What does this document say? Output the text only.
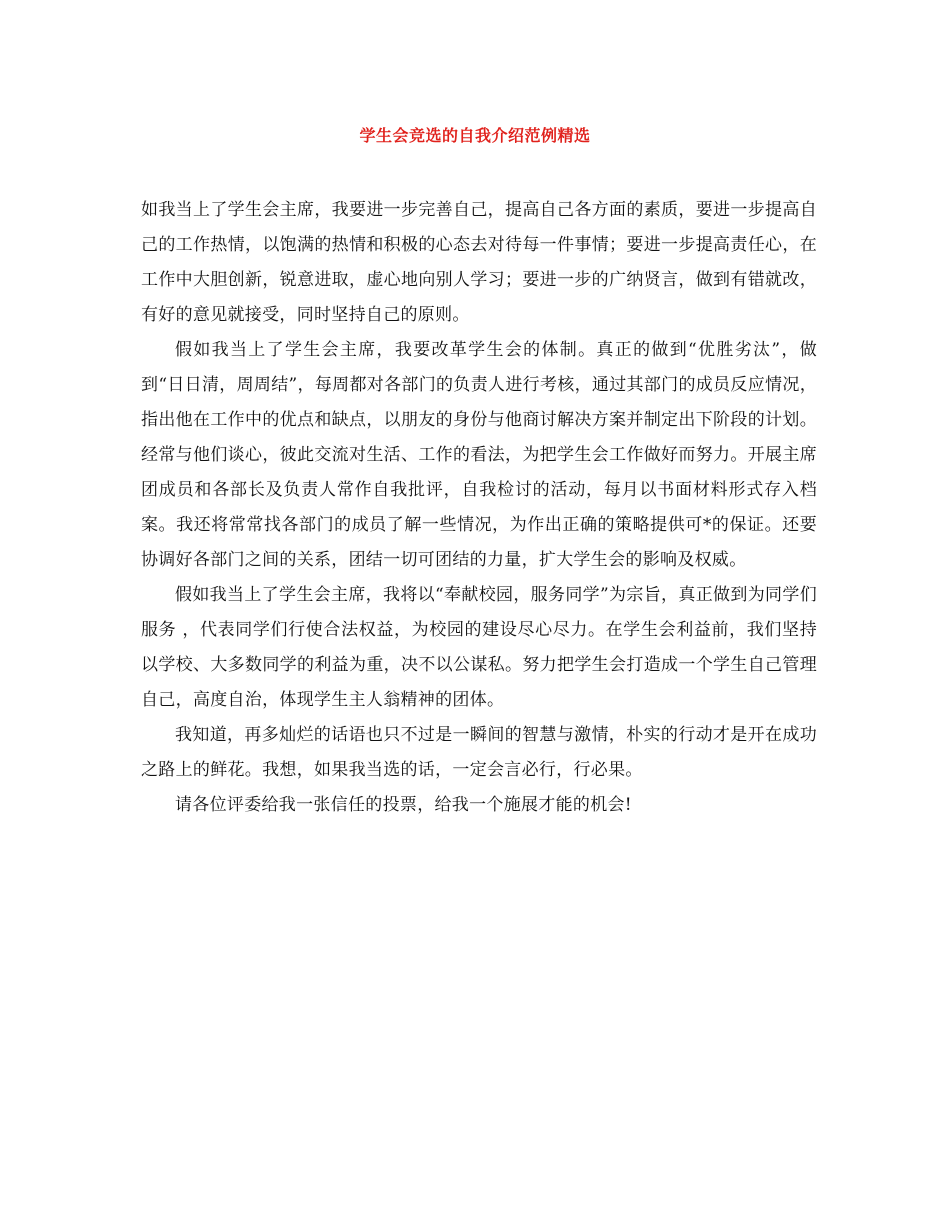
学生会竞选的自我介绍范例精选

如我当上了学生会主席，我要进一步完善自己，提高自己各方面的素质，要进一步提高自己的工作热情，以饱满的热情和积极的心态去对待每一件事情；要进一步提高责任心，在工作中大胆创新，锐意进取，虚心地向别人学习；要进一步的广纳贤言，做到有错就改，有好的意见就接受，同时坚持自己的原则。

假如我当上了学生会主席，我要改革学生会的体制。真正的做到“优胜劣汰”，做到“日日清，周周结”，每周都对各部门的负责人进行考核，通过其部门的成员反应情况，指出他在工作中的优点和缺点，以朋友的身份与他商讨解决方案并制定出下阶段的计划。经常与他们谈心，彼此交流对生活、工作的看法，为把学生会工作做好而努力。开展主席团成员和各部长及负责人常作自我批评，自我检讨的活动，每月以书面材料形式存入档案。我还将常常找各部门的成员了解一些情况，为作出正确的策略提供可*的保证。还要协调好各部门之间的关系，团结一切可团结的力量，扩大学生会的影响及权威。

假如我当上了学生会主席，我将以“奉献校园，服务同学”为宗旨，真正做到为同学们服务 ，代表同学们行使合法权益，为校园的建设尽心尽力。在学生会利益前，我们坚持以学校、大多数同学的利益为重，决不以公谋私。努力把学生会打造成一个学生自己管理自己，高度自治，体现学生主人翁精神的团体。

我知道，再多灿烂的话语也只不过是一瞬间的智慧与激情，朴实的行动才是开在成功之路上的鲜花。我想，如果我当选的话，一定会言必行，行必果。

请各位评委给我一张信任的投票，给我一个施展才能的机会!
